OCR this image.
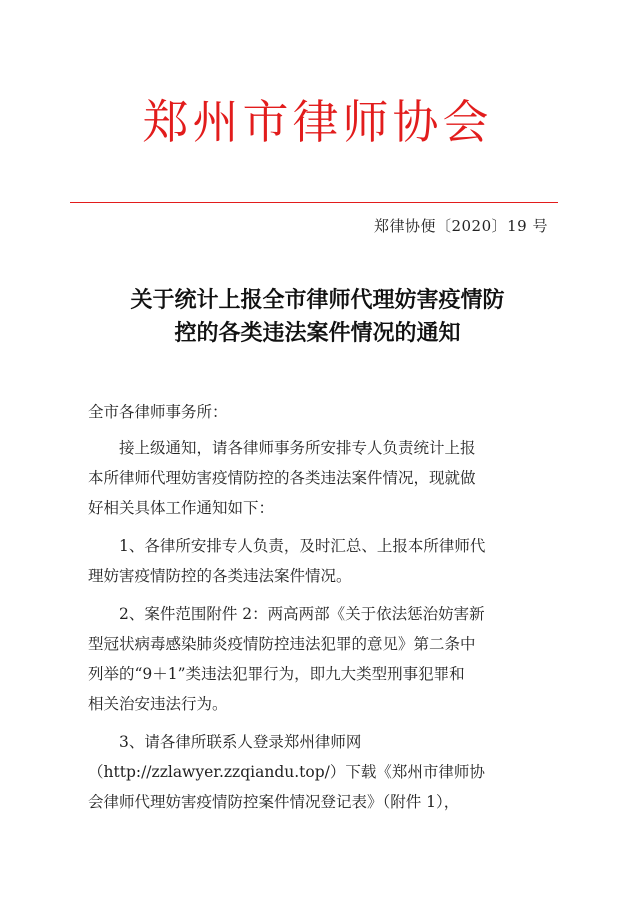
郑州市律师协会
郑律协便〔2020〕19 号
关于统计上报全市律师代理妨害疫情防
控的各类违法案件情况的通知

全市各律师事务所：

接上级通知，请各律师事务所安排专人负责统计上报
本所律师代理妨害疫情防控的各类违法案件情况，现就做
好相关具体工作通知如下：

1、各律所安排专人负责，及时汇总、上报本所律师代
理妨害疫情防控的各类违法案件情况。

2、案件范围附件 2：两高两部《关于依法惩治妨害新
型冠状病毒感染肺炎疫情防控违法犯罪的意见》第二条中
列举的“9＋1”类违法犯罪行为，即九大类型刑事犯罪和
相关治安违法行为。

3、请各律所联系人登录郑州律师网
（http://zzlawyer.zzqiandu.top/）下载《郑州市律师协
会律师代理妨害疫情防控案件情况登记表》（附件 1），
